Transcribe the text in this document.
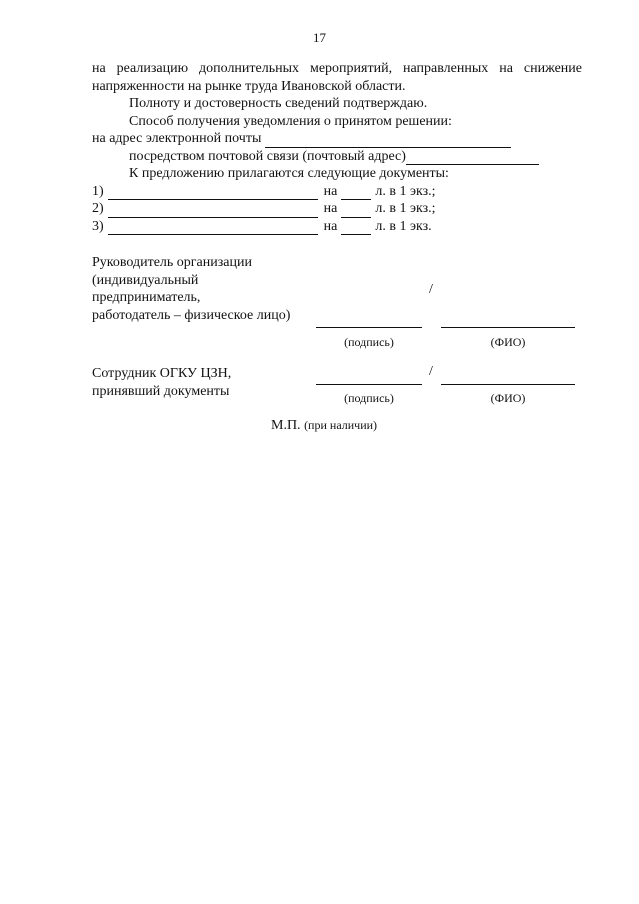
17
на реализацию дополнительных мероприятий, направленных на снижение напряженности на рынке труда Ивановской области.
Полноту и достоверность сведений подтверждаю.
Способ получения уведомления о принятом решении:
на адрес электронной почты
посредством почтовой связи (почтовый адрес)
К предложению прилагаются следующие документы:
1)	на	л. в 1 экз.;
2)	на	л. в 1 экз.;
3)	на	л. в 1 экз.
Руководитель организации
(индивидуальный
предприниматель,
работодатель – физическое лицо)
/
(подпись)	(ФИО)
Сотрудник ОГКУ ЦЗН,
принявший документы
/
(подпись)	(ФИО)
М.П. (при наличии)
